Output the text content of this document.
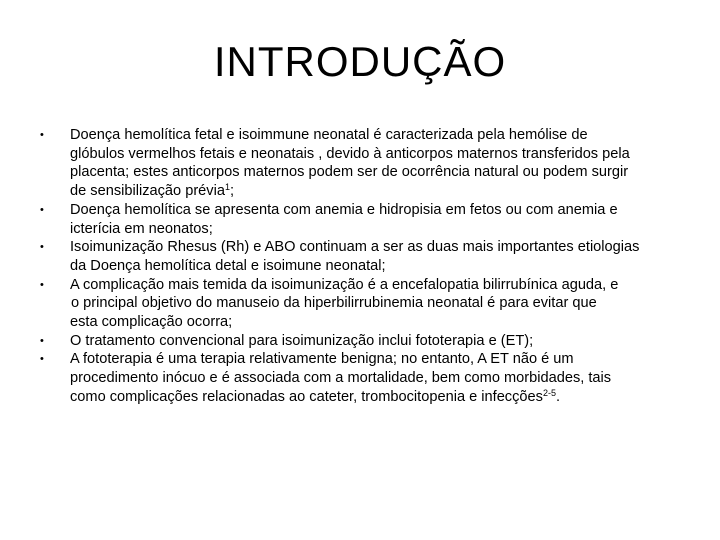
INTRODUÇÃO
• Doença hemolítica fetal e isoimmune neonatal é caracterizada pela hemólise de
glóbulos vermelhos fetais e neonatais , devido à anticorpos maternos transferidos pela
placenta; estes anticorpos maternos podem ser de ocorrência natural ou podem surgir
de sensibilização prévia$^1$;
• Doença hemolítica se apresenta com anemia e hidropisia em fetos ou com anemia e
icterícia em neonatos;
• Isoimunização Rhesus (Rh) e ABO continuam a ser as duas mais importantes etiologias
da Doença hemolítica detal e isoimune neonatal;
• A complicação mais temida da isoimunização é a encefalopatia bilirrubínica aguda, e
o principal objetivo do manuseio da hiperbilirrubinemia neonatal é para evitar que
esta complicação ocorra;
• O tratamento convencional para isoimunização inclui fototerapia e (ET);
• A fototerapia é uma terapia relativamente benigna; no entanto, A ET não é um
procedimento inócuo e é associada com a mortalidade, bem como morbidades, tais
como complicações relacionadas ao cateter, trombocitopenia e infecções$^{2-5}$.
